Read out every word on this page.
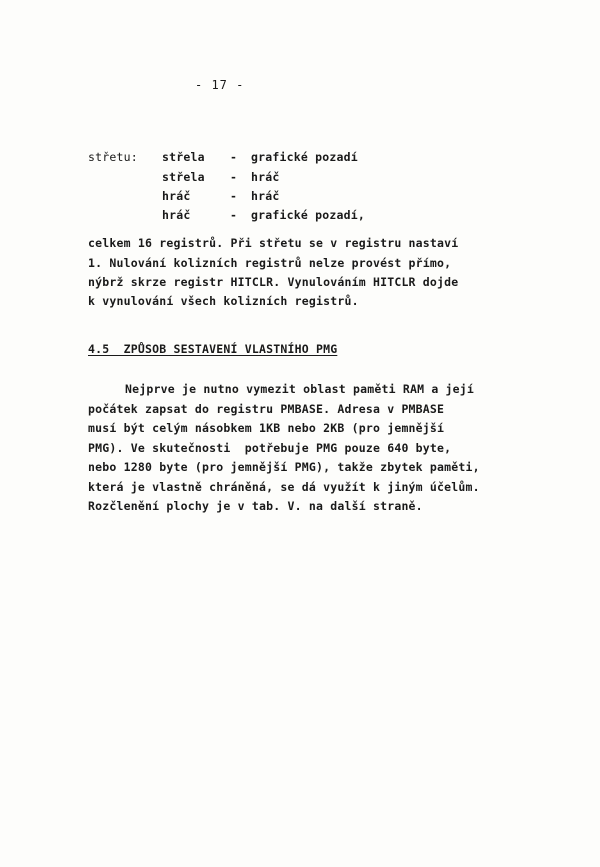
- 17 -
střetu: střela - grafické pozadí
střela - hráč
hráč	- hráč
hráč	- grafické pozadí,
celkem 16 registrů. Při střetu se v registru nastaví
1. Nulování kolizních registrů nelze provést přímo,
nýbrž skrze registr HITCLR. Vynulováním HITCLR dojde
k vynulování všech kolizních registrů.
4.5  ZPŮSOB SESTAVENÍ VLASTNÍHO PMG
Nejprve je nutno vymezit oblast paměti RAM a její
počátek zapsat do registru PMBASE. Adresa v PMBASE
musí být celým násobkem 1KB nebo 2KB (pro jemnější
PMG). Ve skutečnosti  potřebuje PMG pouze 640 byte,
nebo 1280 byte (pro jemnější PMG), takže zbytek paměti,
která je vlastně chráněná, se dá využít k jiným účelům.
Rozčlenění plochy je v tab. V. na další straně.
